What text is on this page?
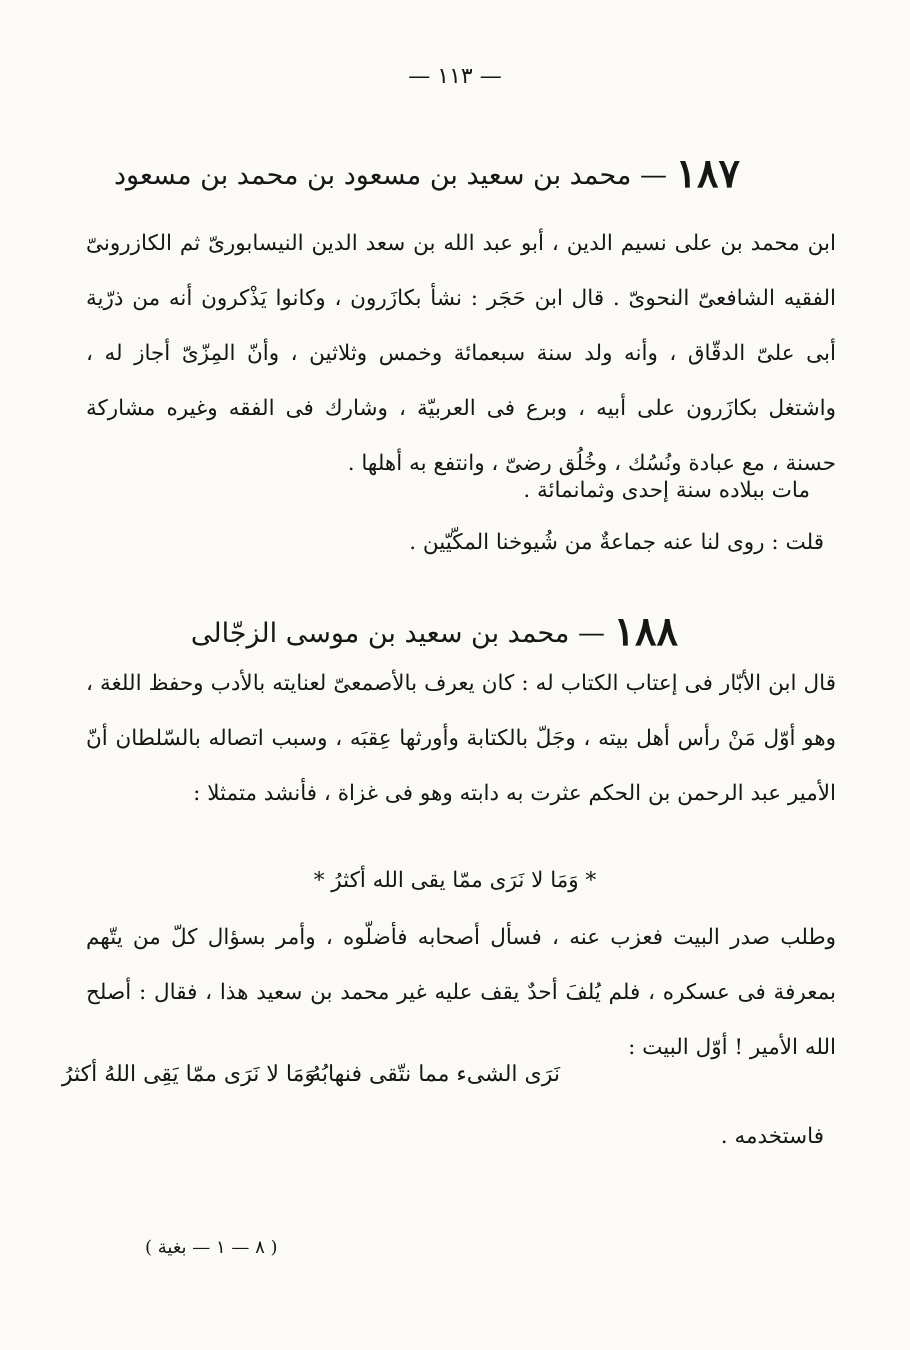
— ١١٣ —
١٨٧ — محمد بن سعيد بن مسعود بن محمد بن مسعود
ابن محمد بن على نسيم الدين ، أبو عبد الله بن سعد الدين النيسابورىّ ثم الكازرونىّ الفقيه الشافعىّ النحوىّ . قال ابن حَجَر : نشأ بكازَرون ، وكانوا يَذْكرون أنه من ذرّية أبى علىّ الدقّاق ، وأنه ولد سنة سبعمائة وخمس وثلاثين ، وأنّ المِزّىّ أجاز له ، واشتغل بكازَرون على أبيه ، وبرع فى العربيّة ، وشارك فى الفقه وغيره مشاركة حسنة ، مع عبادة ونُسُك ، وخُلُق رضىّ ، وانتفع به أهلها .
مات ببلاده سنة إحدى وثمانمائة .
قلت : روى لنا عنه جماعةٌ من شُيوخنا المكّيّين .
١٨٨ — محمد بن سعيد بن موسى الزجّالى
قال ابن الأبّار فى إعتاب الكتاب له : كان يعرف بالأصمعىّ لعنايته بالأدب وحفظ اللغة ، وهو أوّل مَنْ رأس أهل بيته ، وجَلّ بالكتابة وأورثها عِقبَه ، وسبب اتصاله بالسّلطان أنّ الأمير عبد الرحمن بن الحكم عثرت به دابته وهو فى غزاة ، فأنشد متمثلا :
* وَمَا لا نَرَى ممّا يقى الله أكثرُ *
وطلب صدر البيت فعزب عنه ، فسأل أصحابه فأضلّوه ، وأمر بسؤال كلّ من يتّهم بمعرفة فى عسكره ، فلم يُلفَ أحدٌ يقف عليه غير محمد بن سعيد هذا ، فقال : أصلح الله الأمير ! أوّل البيت :
نَرَى الشىء مما نتّقى فنهابُهُ
وَمَا لا نَرَى ممّا يَقِى اللهُ أكثرُ
فاستخدمه .
( ٨ — ١ — بغية )
